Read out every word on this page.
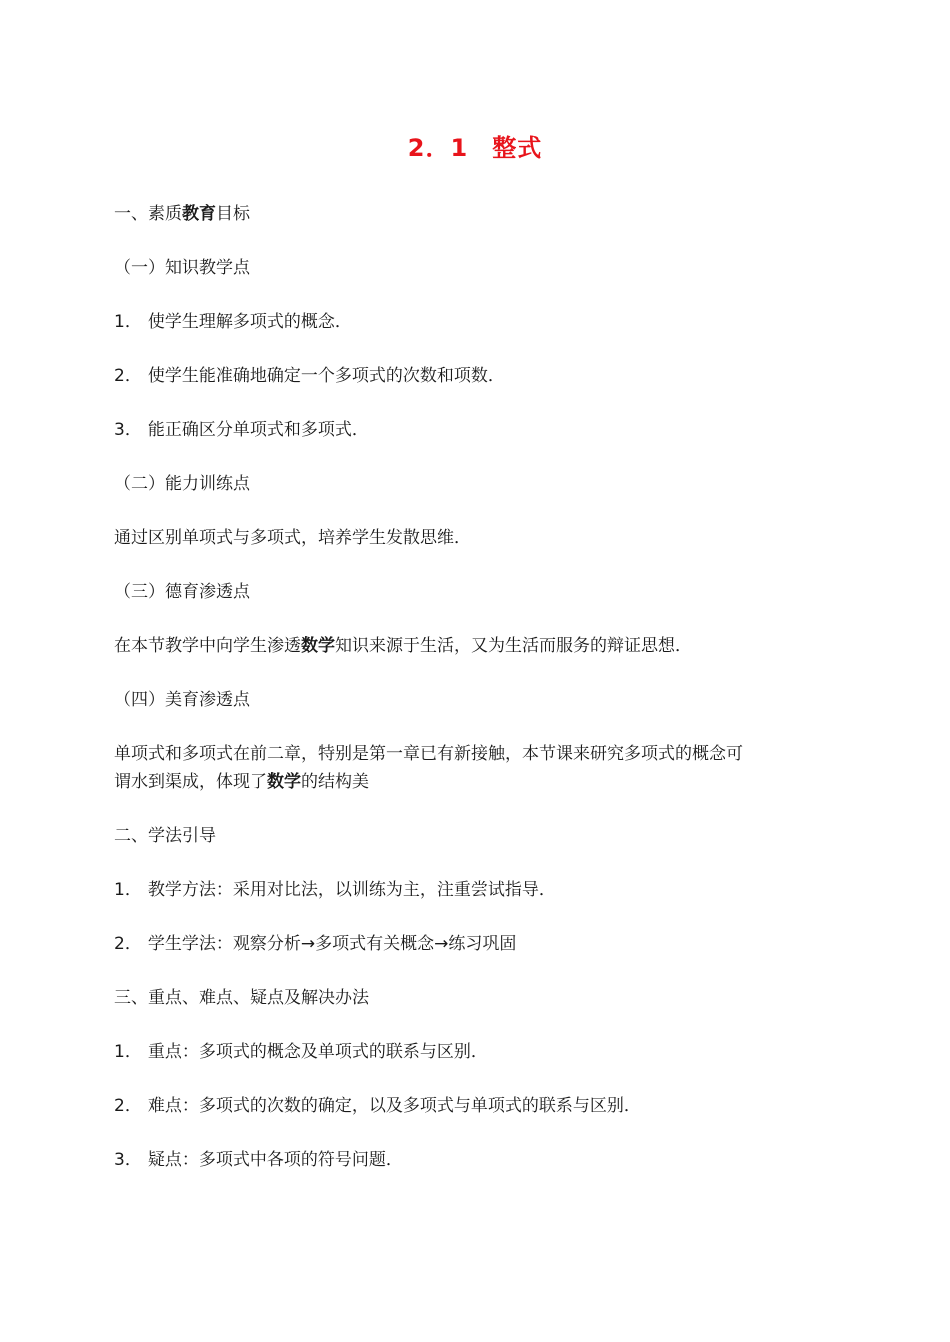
2．1 整式
一、素质教育目标
（一）知识教学点
1． 使学生理解多项式的概念．
2． 使学生能准确地确定一个多项式的次数和项数．
3． 能正确区分单项式和多项式．
（二）能力训练点
通过区别单项式与多项式，培养学生发散思维．
（三）德育渗透点
在本节教学中向学生渗透数学知识来源于生活，又为生活而服务的辩证思想．
（四）美育渗透点
单项式和多项式在前二章，特别是第一章已有新接触，本节课来研究多项式的概念可
谓水到渠成，体现了数学的结构美
二、学法引导
1． 教学方法：采用对比法，以训练为主，注重尝试指导．
2． 学生学法：观察分析→多项式有关概念→练习巩固
三、重点、难点、疑点及解决办法
1． 重点：多项式的概念及单项式的联系与区别．
2． 难点：多项式的次数的确定，以及多项式与单项式的联系与区别．
3． 疑点：多项式中各项的符号问题．
